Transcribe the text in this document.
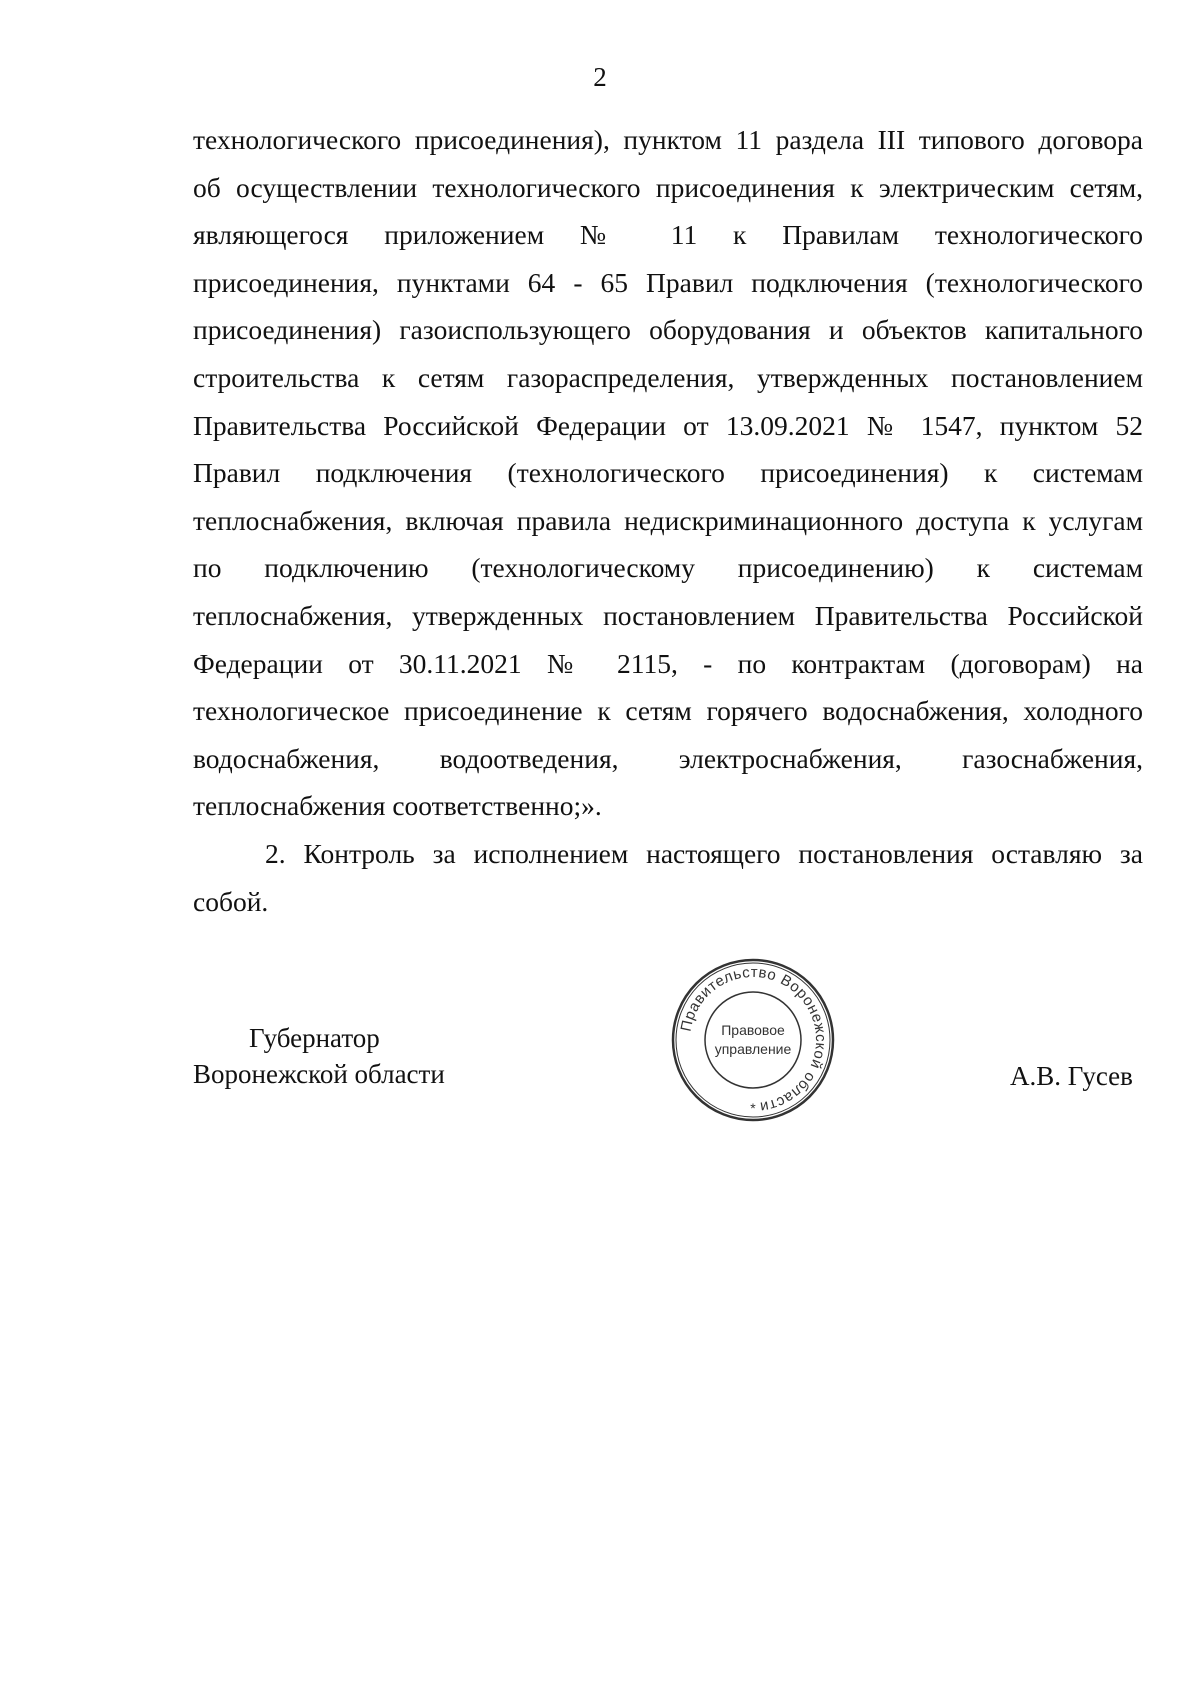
2

технологического присоединения), пунктом 11 раздела III типового договора
об осуществлении технологического присоединения к электрическим сетям,
являющегося приложением № 11 к Правилам технологического
присоединения, пунктами 64 - 65 Правил подключения (технологического
присоединения) газоиспользующего оборудования и объектов капитального
строительства к сетям газораспределения, утвержденных постановлением
Правительства Российской Федерации от 13.09.2021 № 1547, пунктом 52
Правил подключения (технологического присоединения) к системам
теплоснабжения, включая правила недискриминационного доступа к услугам
по подключению (технологическому присоединению) к системам
теплоснабжения, утвержденных постановлением Правительства Российской
Федерации от 30.11.2021 № 2115, - по контрактам (договорам) на
технологическое присоединение к сетям горячего водоснабжения, холодного
водоснабжения, водоотведения, электроснабжения, газоснабжения,
теплоснабжения соответственно;».

2. Контроль за исполнением настоящего постановления оставляю за
собой.

Губернатор
Воронежской области
Правительство Воронежской области
Правовое
управление
*
А.В. Гусев
